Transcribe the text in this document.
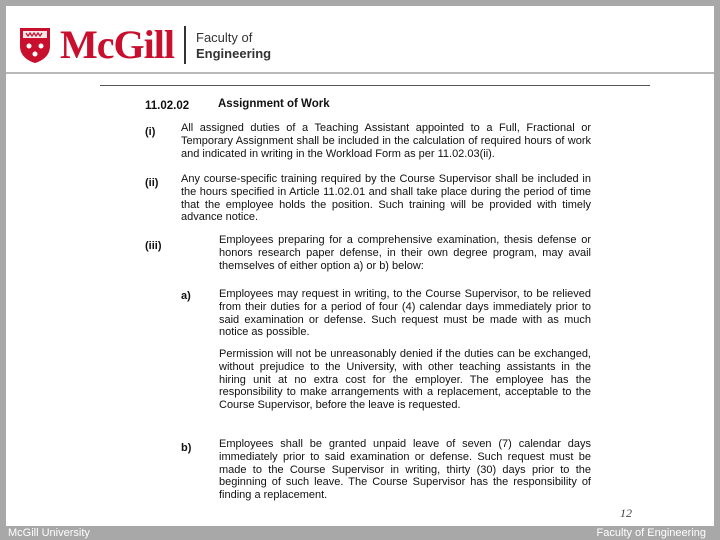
McGill Faculty of
Engineering
11.02.02	Assignment of Work
(i) All assigned duties of a Teaching Assistant appointed to a Full, Fractional or Temporary Assignment shall be included in the calculation of required hours of work and indicated in writing in the Workload Form as per 11.02.03(ii).
(ii) Any course-specific training required by the Course Supervisor shall be included in the hours specified in Article 11.02.01 and shall take place during the period of time that the employee holds the position. Such training will be provided with timely advance notice.
(iii)	Employees preparing for a comprehensive examination, thesis defense or honors research paper defense, in their own degree program, may avail themselves of either option a) or b) below:
a)	Employees may request in writing, to the Course Supervisor, to be relieved from their duties for a period of four (4) calendar days immediately prior to said examination or defense. Such request must be made with as much notice as possible.
Permission will not be unreasonably denied if the duties can be exchanged, without prejudice to the University, with other teaching assistants in the hiring unit at no extra cost for the employer. The employee has the responsibility to make arrangements with a replacement, acceptable to the Course Supervisor, before the leave is requested.
b)	Employees shall be granted unpaid leave of seven (7) calendar days immediately prior to said examination or defense. Such request must be made to the Course Supervisor in writing, thirty (30) days prior to the beginning of such leave. The Course Supervisor has the responsibility of finding a replacement.
12
McGill University	Faculty of Engineering
